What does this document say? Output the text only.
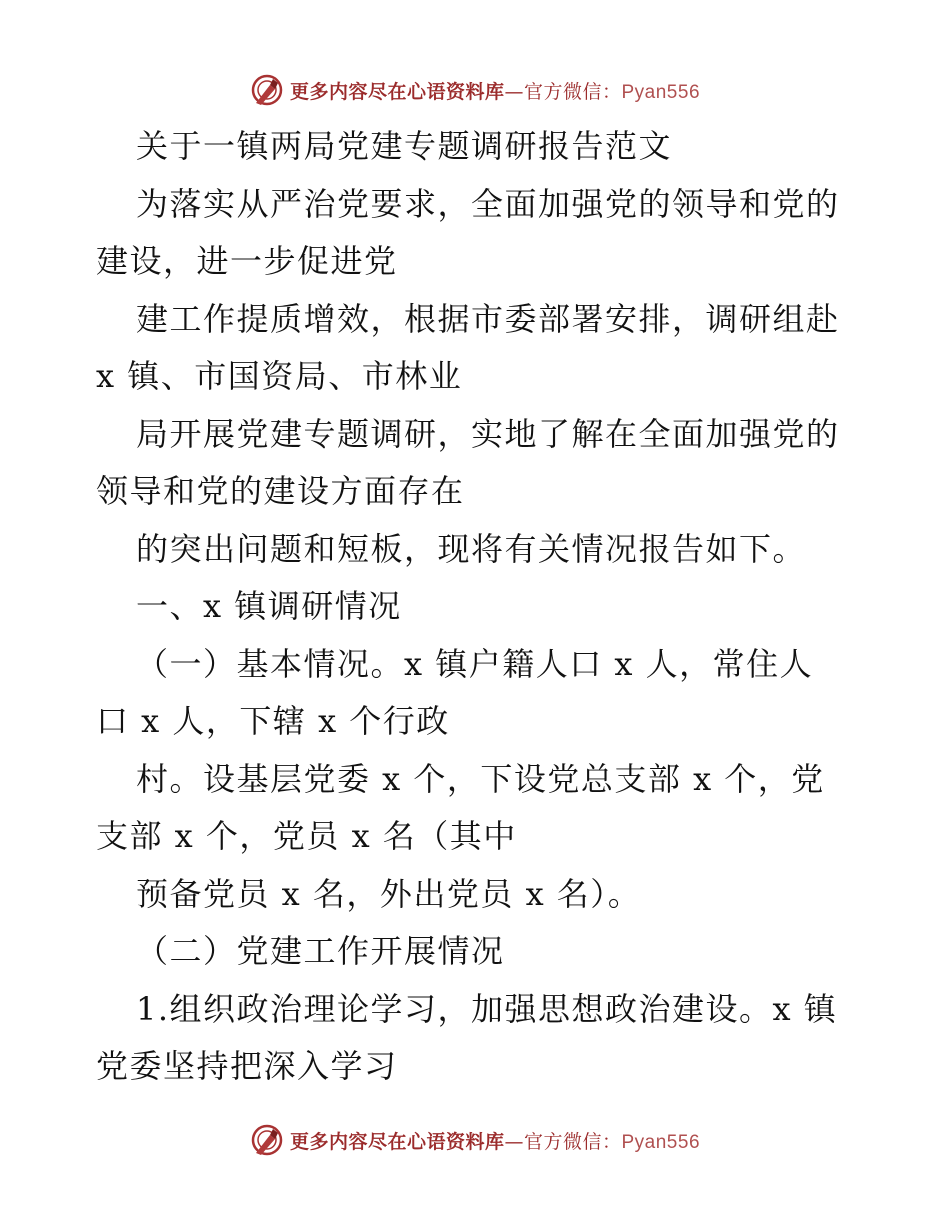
更多内容尽在心语资料库—官方微信：Pyan556
关于一镇两局党建专题调研报告范文
为落实从严治党要求，全面加强党的领导和党的
建设，进一步促进党
建工作提质增效，根据市委部署安排，调研组赴
x 镇、市国资局、市林业
局开展党建专题调研，实地了解在全面加强党的
领导和党的建设方面存在
的突出问题和短板，现将有关情况报告如下。
一、x 镇调研情况
（一）基本情况。x 镇户籍人口 x 人，常住人
口 x 人，下辖 x 个行政
村。设基层党委 x 个，下设党总支部 x 个，党
支部 x 个，党员 x 名（其中
预备党员 x 名，外出党员 x 名）。
（二）党建工作开展情况
1.组织政治理论学习，加强思想政治建设。x 镇
党委坚持把深入学习
更多内容尽在心语资料库—官方微信：Pyan556
